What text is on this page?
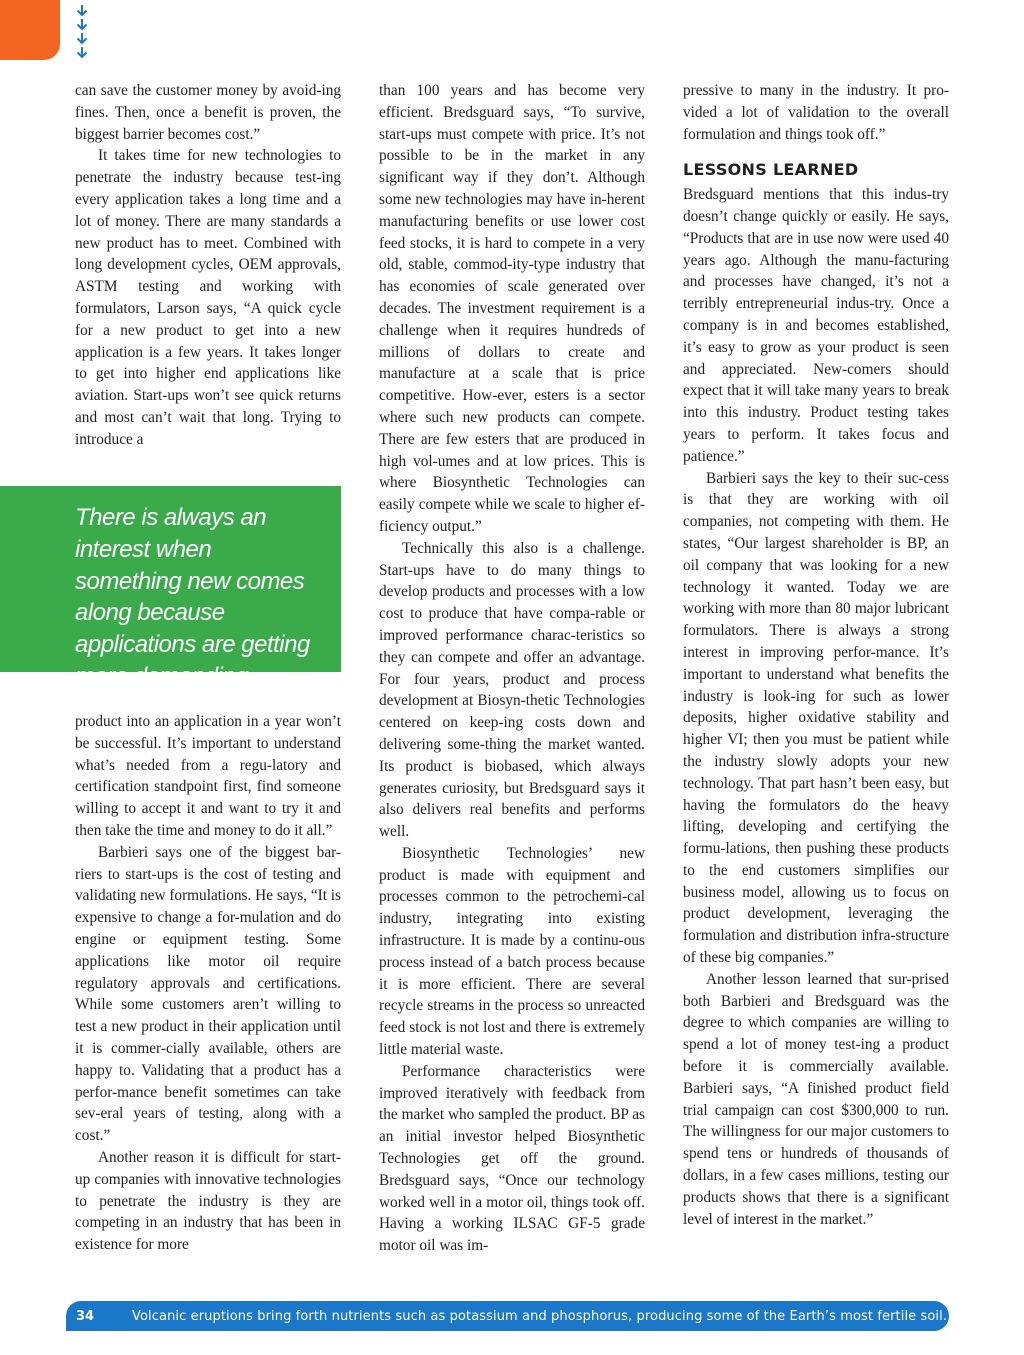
can save the customer money by avoid-ing fines. Then, once a benefit is proven, the biggest barrier becomes cost.”

It takes time for new technologies to penetrate the industry because test-ing every application takes a long time and a lot of money. There are many standards a new product has to meet. Combined with long development cycles, OEM approvals, ASTM testing and working with formulators, Larson says, “A quick cycle for a new product to get into a new application is a few years. It takes longer to get into higher end applications like aviation. Start-ups won’t see quick returns and most can’t wait that long. Trying to introduce a

There is always an interest when something new comes along because applications are getting more demanding.

product into an application in a year won’t be successful. It’s important to understand what’s needed from a regu-latory and certification standpoint first, find someone willing to accept it and want to try it and then take the time and money to do it all.”

Barbieri says one of the biggest bar-riers to start-ups is the cost of testing and validating new formulations. He says, “It is expensive to change a for-mulation and do engine or equipment testing. Some applications like motor oil require regulatory approvals and certifications. While some customers aren’t willing to test a new product in their application until it is commer-cially available, others are happy to. Validating that a product has a perfor-mance benefit sometimes can take sev-eral years of testing, along with a cost.”

Another reason it is difficult for start-up companies with innovative technologies to penetrate the industry is they are competing in an industry that has been in existence for more

than 100 years and has become very efficient. Bredsguard says, “To survive, start-ups must compete with price. It’s not possible to be in the market in any significant way if they don’t. Although some new technologies may have in-herent manufacturing benefits or use lower cost feed stocks, it is hard to compete in a very old, stable, commod-ity-type industry that has economies of scale generated over decades. The investment requirement is a challenge when it requires hundreds of millions of dollars to create and manufacture at a scale that is price competitive. How-ever, esters is a sector where such new products can compete. There are few esters that are produced in high vol-umes and at low prices. This is where Biosynthetic Technologies can easily compete while we scale to higher ef-ficiency output.”

Technically this also is a challenge. Start-ups have to do many things to develop products and processes with a low cost to produce that have compa-rable or improved performance charac-teristics so they can compete and offer an advantage. For four years, product and process development at Biosyn-thetic Technologies centered on keep-ing costs down and delivering some-thing the market wanted. Its product is biobased, which always generates curiosity, but Bredsguard says it also delivers real benefits and performs well.

Biosynthetic Technologies’ new product is made with equipment and processes common to the petrochemi-cal industry, integrating into existing infrastructure. It is made by a continu-ous process instead of a batch process because it is more efficient. There are several recycle streams in the process so unreacted feed stock is not lost and there is extremely little material waste.

Performance characteristics were improved iteratively with feedback from the market who sampled the product. BP as an initial investor helped Biosynthetic Technologies get off the ground. Bredsguard says, “Once our technology worked well in a motor oil, things took off. Having a working ILSAC GF-5 grade motor oil was im-

pressive to many in the industry. It pro-vided a lot of validation to the overall formulation and things took off.”

LESSONS LEARNED

Bredsguard mentions that this indus-try doesn’t change quickly or easily. He says, “Products that are in use now were used 40 years ago. Although the manu-facturing and processes have changed, it’s not a terribly entrepreneurial indus-try. Once a company is in and becomes established, it’s easy to grow as your product is seen and appreciated. New-comers should expect that it will take many years to break into this industry. Product testing takes years to perform. It takes focus and patience.”

Barbieri says the key to their suc-cess is that they are working with oil companies, not competing with them. He states, “Our largest shareholder is BP, an oil company that was looking for a new technology it wanted. Today we are working with more than 80 major lubricant formulators. There is always a strong interest in improving perfor-mance. It’s important to understand what benefits the industry is look-ing for such as lower deposits, higher oxidative stability and higher VI; then you must be patient while the industry slowly adopts your new technology. That part hasn’t been easy, but having the formulators do the heavy lifting, developing and certifying the formu-lations, then pushing these products to the end customers simplifies our business model, allowing us to focus on product development, leveraging the formulation and distribution infra-structure of these big companies.”

Another lesson learned that sur-prised both Barbieri and Bredsguard was the degree to which companies are willing to spend a lot of money test-ing a product before it is commercially available. Barbieri says, “A finished product field trial campaign can cost $300,000 to run. The willingness for our major customers to spend tens or hundreds of thousands of dollars, in a few cases millions, testing our products shows that there is a significant level of interest in the market.”

34	Volcanic eruptions bring forth nutrients such as potassium and phosphorus, producing some of the Earth’s most fertile soil.
